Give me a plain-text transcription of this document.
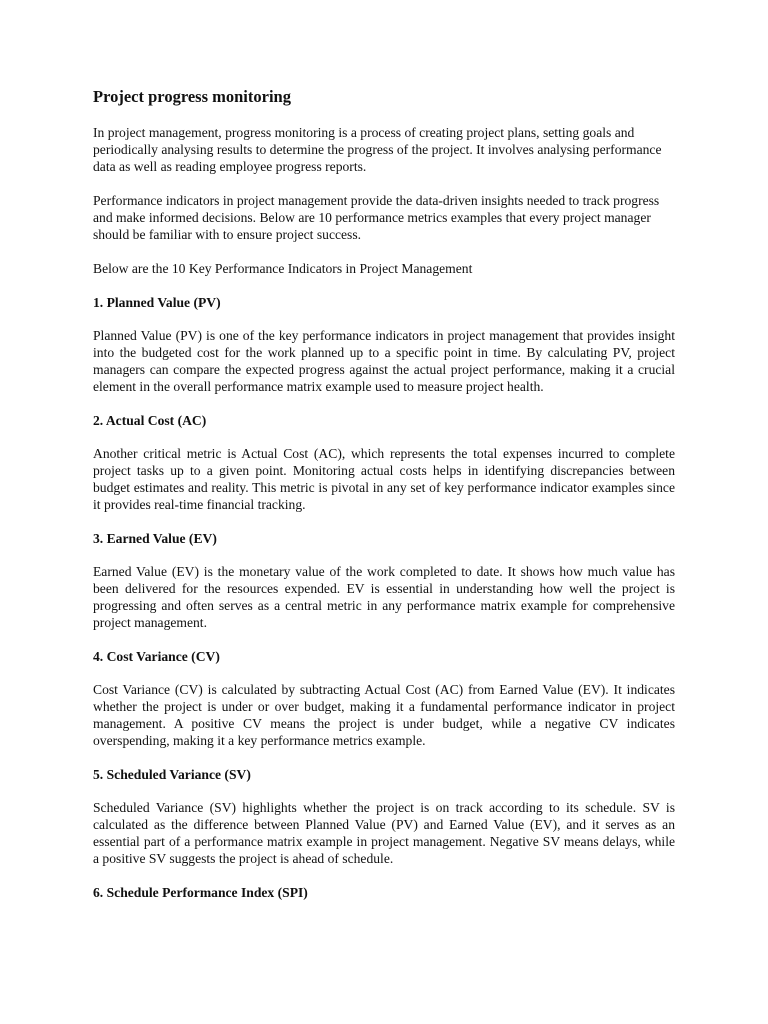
Project progress monitoring

In project management, progress monitoring is a process of creating project plans, setting goals and periodically analysing results to determine the progress of the project. It involves analysing performance data as well as reading employee progress reports.

Performance indicators in project management provide the data-driven insights needed to track progress and make informed decisions. Below are 10 performance metrics examples that every project manager should be familiar with to ensure project success.

Below are the 10 Key Performance Indicators in Project Management

1. Planned Value (PV)

Planned Value (PV) is one of the key performance indicators in project management that provides insight into the budgeted cost for the work planned up to a specific point in time. By calculating PV, project managers can compare the expected progress against the actual project performance, making it a crucial element in the overall performance matrix example used to measure project health.

2. Actual Cost (AC)

Another critical metric is Actual Cost (AC), which represents the total expenses incurred to complete project tasks up to a given point. Monitoring actual costs helps in identifying discrepancies between budget estimates and reality. This metric is pivotal in any set of key performance indicator examples since it provides real-time financial tracking.

3. Earned Value (EV)

Earned Value (EV) is the monetary value of the work completed to date. It shows how much value has been delivered for the resources expended. EV is essential in understanding how well the project is progressing and often serves as a central metric in any performance matrix example for comprehensive project management.

4. Cost Variance (CV)

Cost Variance (CV) is calculated by subtracting Actual Cost (AC) from Earned Value (EV). It indicates whether the project is under or over budget, making it a fundamental performance indicator in project management. A positive CV means the project is under budget, while a negative CV indicates overspending, making it a key performance metrics example.

5. Scheduled Variance (SV)

Scheduled Variance (SV) highlights whether the project is on track according to its schedule. SV is calculated as the difference between Planned Value (PV) and Earned Value (EV), and it serves as an essential part of a performance matrix example in project management. Negative SV means delays, while a positive SV suggests the project is ahead of schedule.

6. Schedule Performance Index (SPI)
